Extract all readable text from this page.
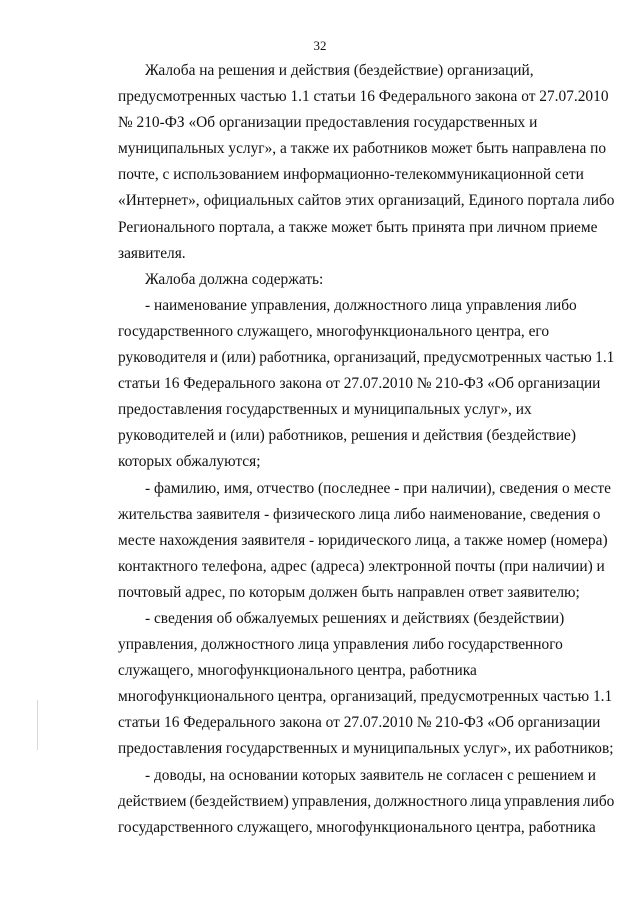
32
Жалоба на решения и действия (бездействие) организаций,
предусмотренных частью 1.1 статьи 16 Федерального закона от 27.07.2010
№ 210-ФЗ «Об организации предоставления государственных и
муниципальных услуг», а также их работников может быть направлена по
почте, с использованием информационно-телекоммуникационной сети
«Интернет», официальных сайтов этих организаций, Единого портала либо
Регионального портала, а также может быть принята при личном приеме
заявителя.
Жалоба должна содержать:
- наименование управления, должностного лица управления либо
государственного служащего, многофункционального центра, его
руководителя и (или) работника, организаций, предусмотренных частью 1.1
статьи 16 Федерального закона от 27.07.2010 № 210-ФЗ «Об организации
предоставления государственных и муниципальных услуг», их
руководителей и (или) работников, решения и действия (бездействие)
которых обжалуются;
- фамилию, имя, отчество (последнее - при наличии), сведения о месте
жительства заявителя - физического лица либо наименование, сведения о
месте нахождения заявителя - юридического лица, а также номер (номера)
контактного телефона, адрес (адреса) электронной почты (при наличии) и
почтовый адрес, по которым должен быть направлен ответ заявителю;
- сведения об обжалуемых решениях и действиях (бездействии)
управления, должностного лица управления либо государственного
служащего, многофункционального центра, работника
многофункционального центра, организаций, предусмотренных частью 1.1
статьи 16 Федерального закона от 27.07.2010 № 210-ФЗ «Об организации
предоставления государственных и муниципальных услуг», их работников;
- доводы, на основании которых заявитель не согласен с решением и
действием (бездействием) управления, должностного лица управления либо
государственного служащего, многофункционального центра, работника
